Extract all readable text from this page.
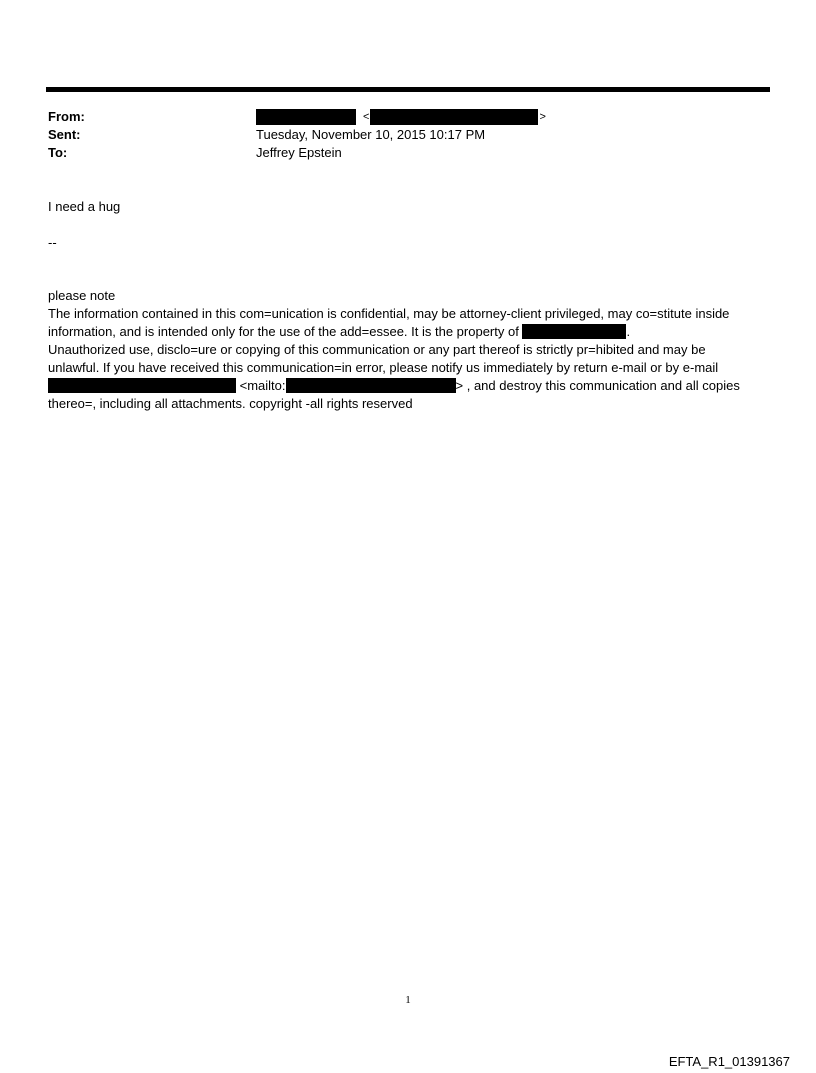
From:	<	>
Sent:	Tuesday, November 10, 2015 10:17 PM
To:	Jeffrey Epstein
I need a hug
--
please note
The information contained in this com=unication is confidential, may be attorney-client privileged, may co=stitute inside
information, and is intended only for the use of the add=essee. It is the property of	.
Unauthorized use, disclo=ure or copying of this communication or any part thereof is strictly pr=hibited and may be
unlawful. If you have received this communication=in error, please notify us immediately by return e-mail or by e-mail
<mailto:	> , and destroy this communication and all copies
thereo=, including all attachments. copyright -all rights reserved
1
EFTA_R1_01391367
